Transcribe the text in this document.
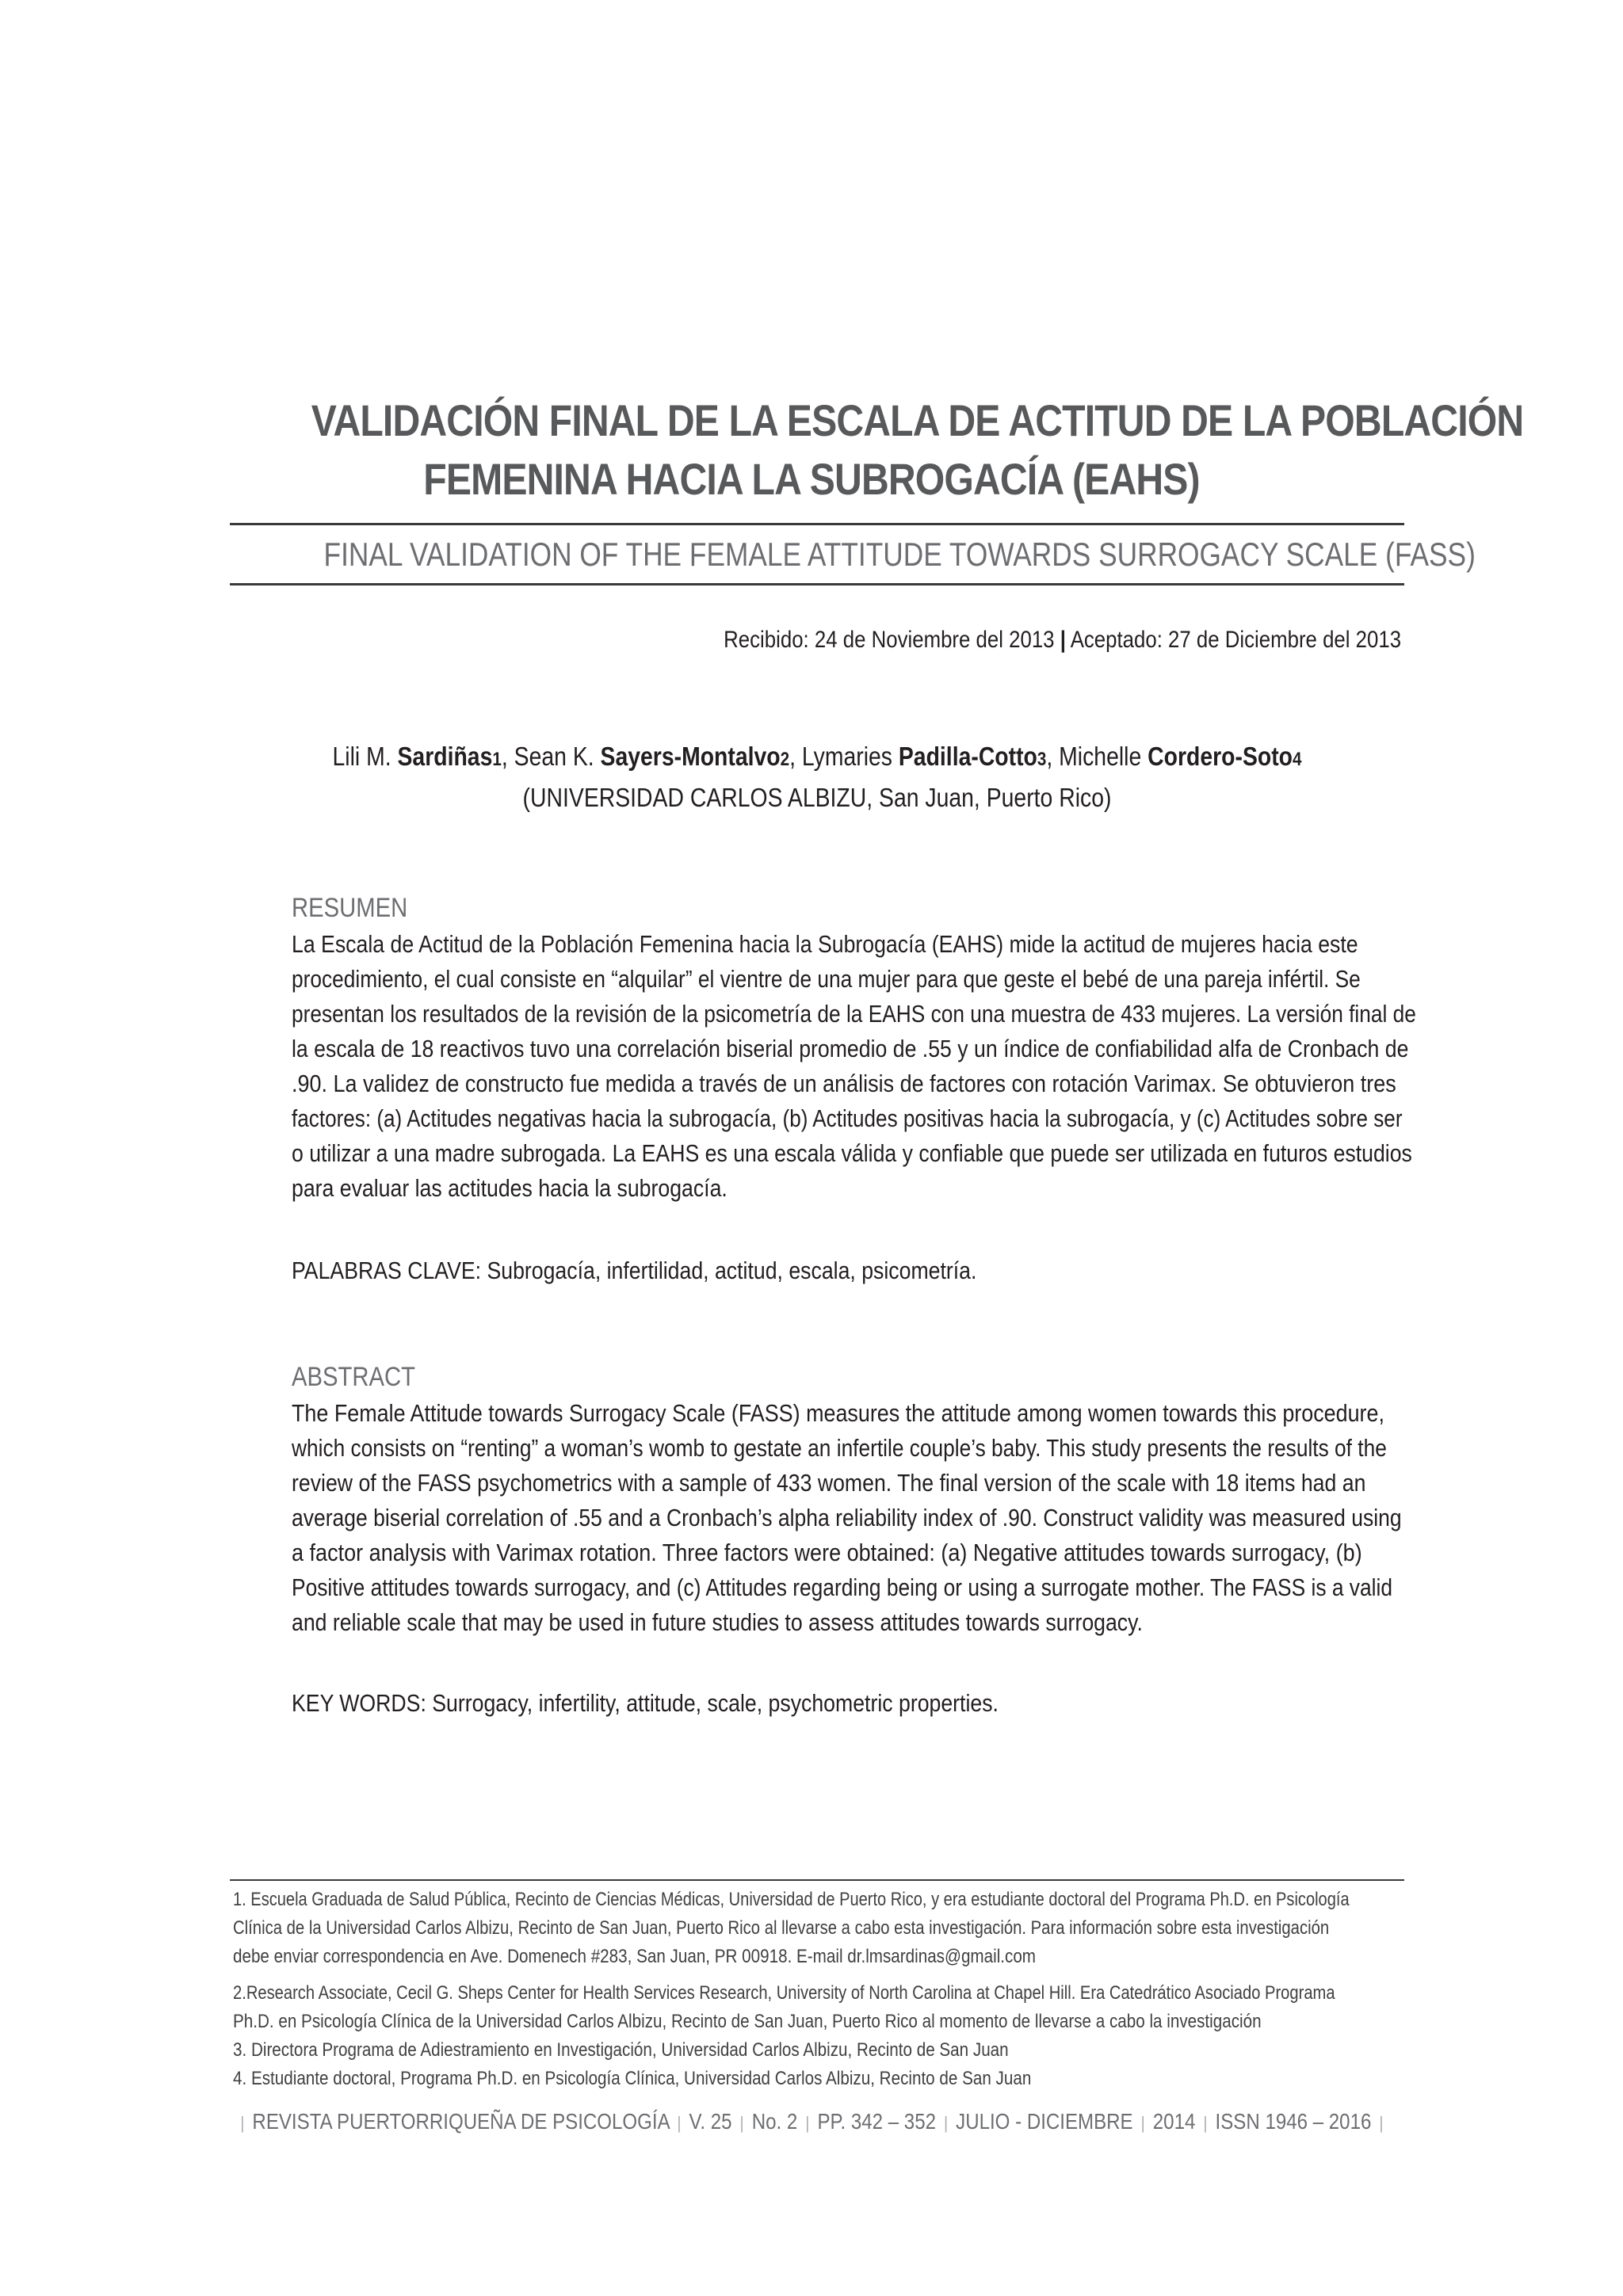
VALIDACIÓN FINAL DE LA ESCALA DE ACTITUD DE LA POBLACIÓN
FEMENINA HACIA LA SUBROGACÍA (EAHS)
FINAL VALIDATION OF THE FEMALE ATTITUDE TOWARDS SURROGACY SCALE (FASS)
Recibido: 24 de Noviembre del 2013 | Aceptado: 27 de Diciembre del 2013
Lili M. Sardiñas1, Sean K. Sayers-Montalvo2, Lymaries Padilla-Cotto3, Michelle Cordero-Soto4
(UNIVERSIDAD CARLOS ALBIZU, San Juan, Puerto Rico)
RESUMEN
La Escala de Actitud de la Población Femenina hacia la Subrogacía (EAHS) mide la actitud de mujeres hacia este
procedimiento, el cual consiste en “alquilar” el vientre de una mujer para que geste el bebé de una pareja infértil. Se
presentan los resultados de la revisión de la psicometría de la EAHS con una muestra de 433 mujeres. La versión final de
la escala de 18 reactivos tuvo una correlación biserial promedio de .55 y un índice de confiabilidad alfa de Cronbach de
.90. La validez de constructo fue medida a través de un análisis de factores con rotación Varimax. Se obtuvieron tres
factores: (a) Actitudes negativas hacia la subrogacía, (b) Actitudes positivas hacia la subrogacía, y (c) Actitudes sobre ser
o utilizar a una madre subrogada. La EAHS es una escala válida y confiable que puede ser utilizada en futuros estudios
para evaluar las actitudes hacia la subrogacía.
PALABRAS CLAVE: Subrogacía, infertilidad, actitud, escala, psicometría.
ABSTRACT
The Female Attitude towards Surrogacy Scale (FASS) measures the attitude among women towards this procedure,
which consists on “renting” a woman’s womb to gestate an infertile couple’s baby. This study presents the results of the
review of the FASS psychometrics with a sample of 433 women. The final version of the scale with 18 items had an
average biserial correlation of .55 and a Cronbach’s alpha reliability index of .90. Construct validity was measured using
a factor analysis with Varimax rotation. Three factors were obtained: (a) Negative attitudes towards surrogacy, (b)
Positive attitudes towards surrogacy, and (c) Attitudes regarding being or using a surrogate mother. The FASS is a valid
and reliable scale that may be used in future studies to assess attitudes towards surrogacy.
KEY WORDS: Surrogacy, infertility, attitude, scale, psychometric properties.
1. Escuela Graduada de Salud Pública, Recinto de Ciencias Médicas, Universidad de Puerto Rico, y era estudiante doctoral del Programa Ph.D. en Psicología
Clínica de la Universidad Carlos Albizu, Recinto de San Juan, Puerto Rico al llevarse a cabo esta investigación. Para información sobre esta investigación
debe enviar correspondencia en Ave. Domenech #283, San Juan, PR 00918. E-mail dr.lmsardinas@gmail.com
2.Research Associate, Cecil G. Sheps Center for Health Services Research, University of North Carolina at Chapel Hill. Era Catedrático Asociado Programa
Ph.D. en Psicología Clínica de la Universidad Carlos Albizu, Recinto de San Juan, Puerto Rico al momento de llevarse a cabo la investigación
3. Directora Programa de Adiestramiento en Investigación, Universidad Carlos Albizu, Recinto de San Juan
4. Estudiante doctoral, Programa Ph.D. en Psicología Clínica, Universidad Carlos Albizu, Recinto de San Juan
| REVISTA PUERTORRIQUEÑA DE PSICOLOGÍA | V. 25 | No. 2 | PP. 342 – 352 | JULIO - DICIEMBRE | 2014 | ISSN 1946 – 2016 |
